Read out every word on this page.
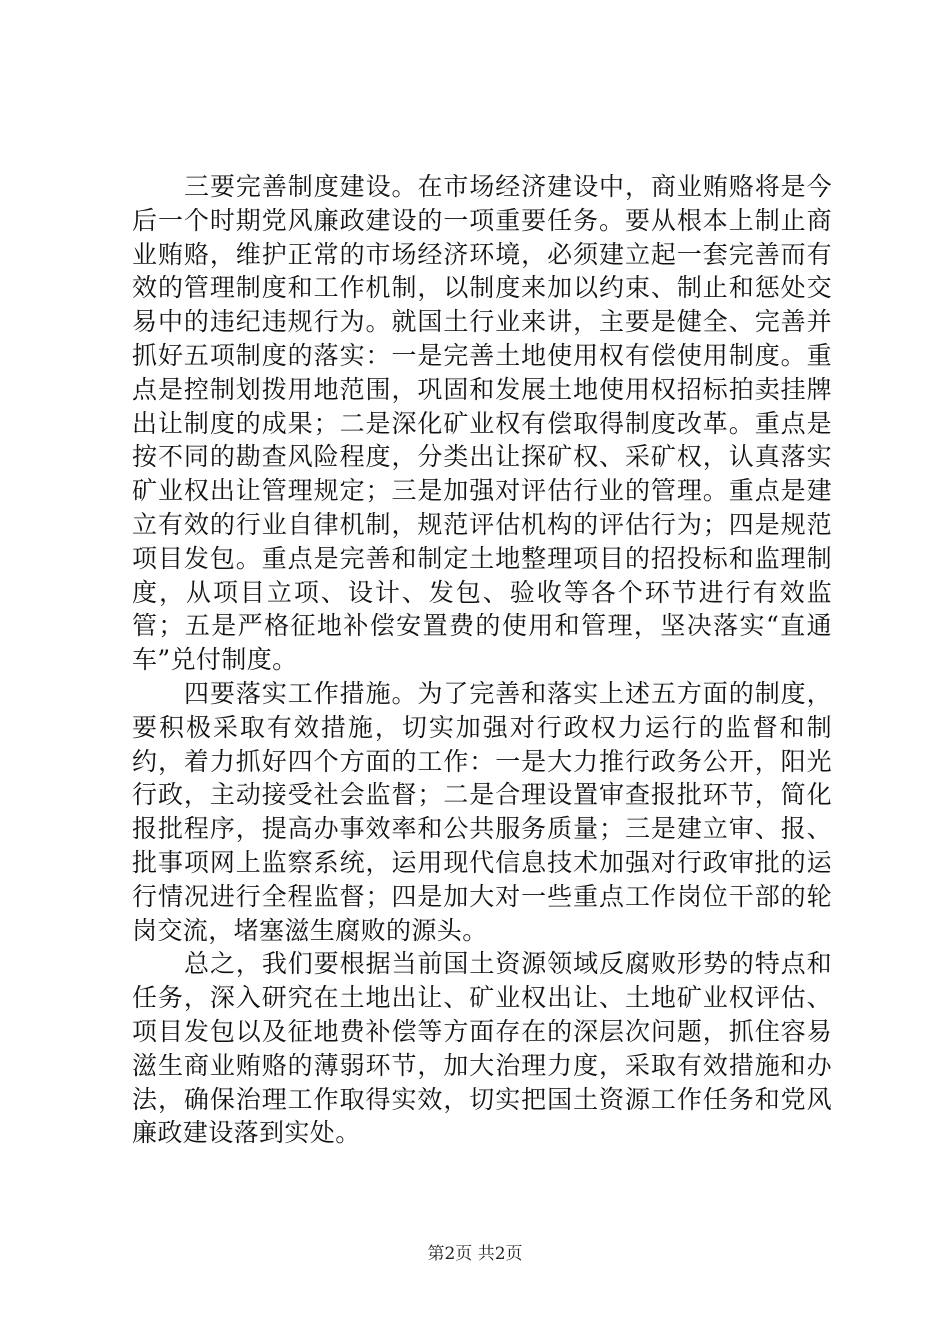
三要完善制度建设。在市场经济建设中，商业贿赂将是今后一个时期党风廉政建设的一项重要任务。要从根本上制止商业贿赂，维护正常的市场经济环境，必须建立起一套完善而有效的管理制度和工作机制，以制度来加以约束、制止和惩处交易中的违纪违规行为。就国土行业来讲，主要是健全、完善并抓好五项制度的落实：一是完善土地使用权有偿使用制度。重点是控制划拨用地范围，巩固和发展土地使用权招标拍卖挂牌出让制度的成果；二是深化矿业权有偿取得制度改革。重点是按不同的勘查风险程度，分类出让探矿权、采矿权，认真落实矿业权出让管理规定；三是加强对评估行业的管理。重点是建立有效的行业自律机制，规范评估机构的评估行为；四是规范项目发包。重点是完善和制定土地整理项目的招投标和监理制度，从项目立项、设计、发包、验收等各个环节进行有效监管；五是严格征地补偿安置费的使用和管理，坚决落实“直通车”兑付制度。

四要落实工作措施。为了完善和落实上述五方面的制度，要积极采取有效措施，切实加强对行政权力运行的监督和制约，着力抓好四个方面的工作：一是大力推行政务公开，阳光行政，主动接受社会监督；二是合理设置审查报批环节，简化报批程序，提高办事效率和公共服务质量；三是建立审、报、批事项网上监察系统，运用现代信息技术加强对行政审批的运行情况进行全程监督；四是加大对一些重点工作岗位干部的轮岗交流，堵塞滋生腐败的源头。

总之，我们要根据当前国土资源领域反腐败形势的特点和任务，深入研究在土地出让、矿业权出让、土地矿业权评估、项目发包以及征地费补偿等方面存在的深层次问题，抓住容易滋生商业贿赂的薄弱环节，加大治理力度，采取有效措施和办法，确保治理工作取得实效，切实把国土资源工作任务和党风廉政建设落到实处。

第2页 共2页
